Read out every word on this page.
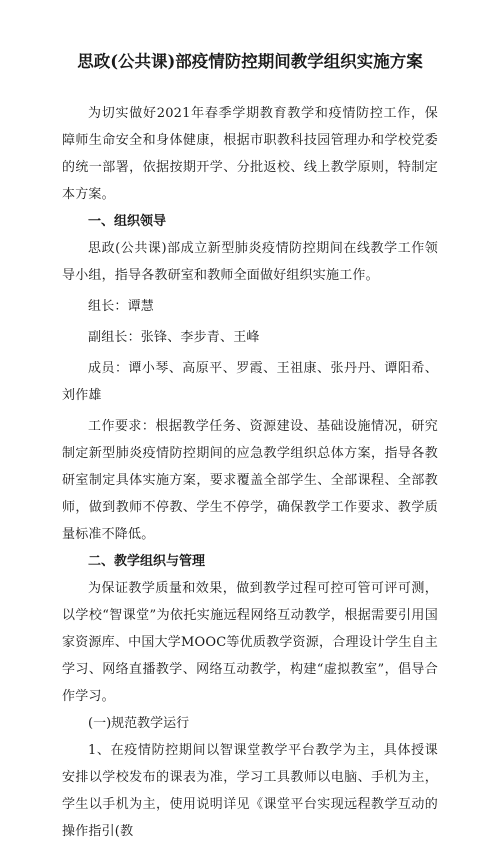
思政(公共课)部疫情防控期间教学组织实施方案

为切实做好2021年春季学期教育教学和疫情防控工作，保障师生命安全和身体健康，根据市职教科技园管理办和学校党委的统一部署，依据按期开学、分批返校、线上教学原则，特制定本方案。

一、组织领导

思政(公共课)部成立新型肺炎疫情防控期间在线教学工作领导小组，指导各教研室和教师全面做好组织实施工作。

组长：谭慧

副组长：张锋、李步青、王峰

成员：谭小琴、高原平、罗霞、王祖康、张丹丹、谭阳希、刘作雄

工作要求：根据教学任务、资源建设、基础设施情况，研究制定新型肺炎疫情防控期间的应急教学组织总体方案，指导各教研室制定具体实施方案，要求覆盖全部学生、全部课程、全部教师，做到教师不停教、学生不停学，确保教学工作要求、教学质量标准不降低。

二、教学组织与管理

为保证教学质量和效果，做到教学过程可控可管可评可测，以学校“智课堂”为依托实施远程网络互动教学，根据需要引用国家资源库、中国大学MOOC等优质教学资源，合理设计学生自主学习、网络直播教学、网络互动教学，构建“虚拟教室”，倡导合作学习。

(一)规范教学运行

1、在疫情防控期间以智课堂教学平台教学为主，具体授课安排以学校发布的课表为准，学习工具教师以电脑、手机为主，学生以手机为主，使用说明详见《课堂平台实现远程教学互动的操作指引(教
